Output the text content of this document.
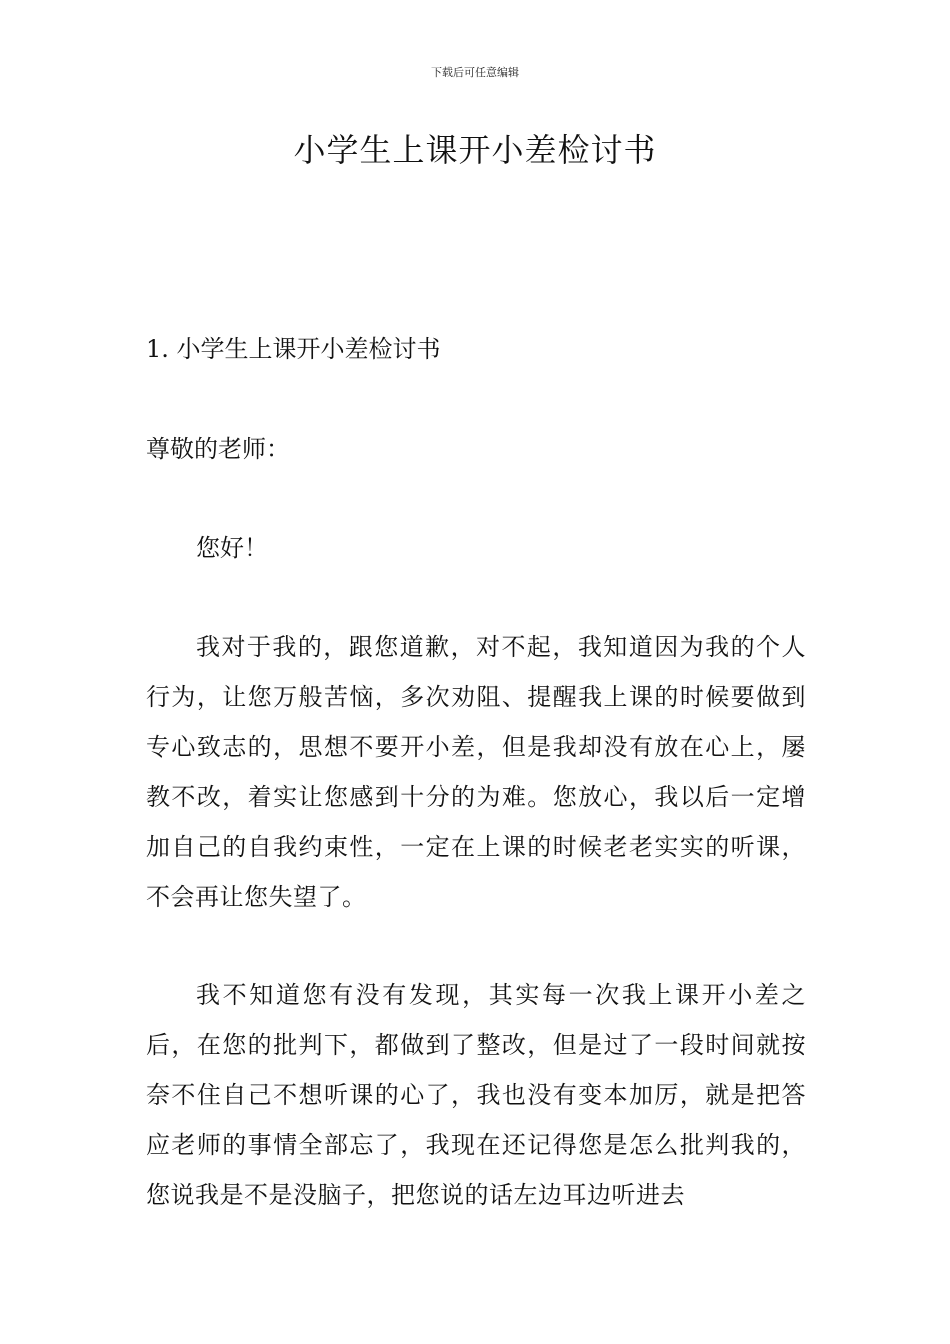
下载后可任意编辑
小学生上课开小差检讨书
1. 小学生上课开小差检讨书
尊敬的老师：
您好！

我对于我的，跟您道歉，对不起，我知道因为我的个人行为，让您万般苦恼，多次劝阻、提醒我上课的时候要做到专心致志的，思想不要开小差，但是我却没有放在心上，屡教不改，着实让您感到十分的为难。您放心，我以后一定增加自己的自我约束性，一定在上课的时候老老实实的听课，不会再让您失望了。

我不知道您有没有发现，其实每一次我上课开小差之后，在您的批判下，都做到了整改，但是过了一段时间就按奈不住自己不想听课的心了，我也没有变本加厉，就是把答应老师的事情全部忘了，我现在还记得您是怎么批判我的，您说我是不是没脑子，把您说的话左边耳边听进去
